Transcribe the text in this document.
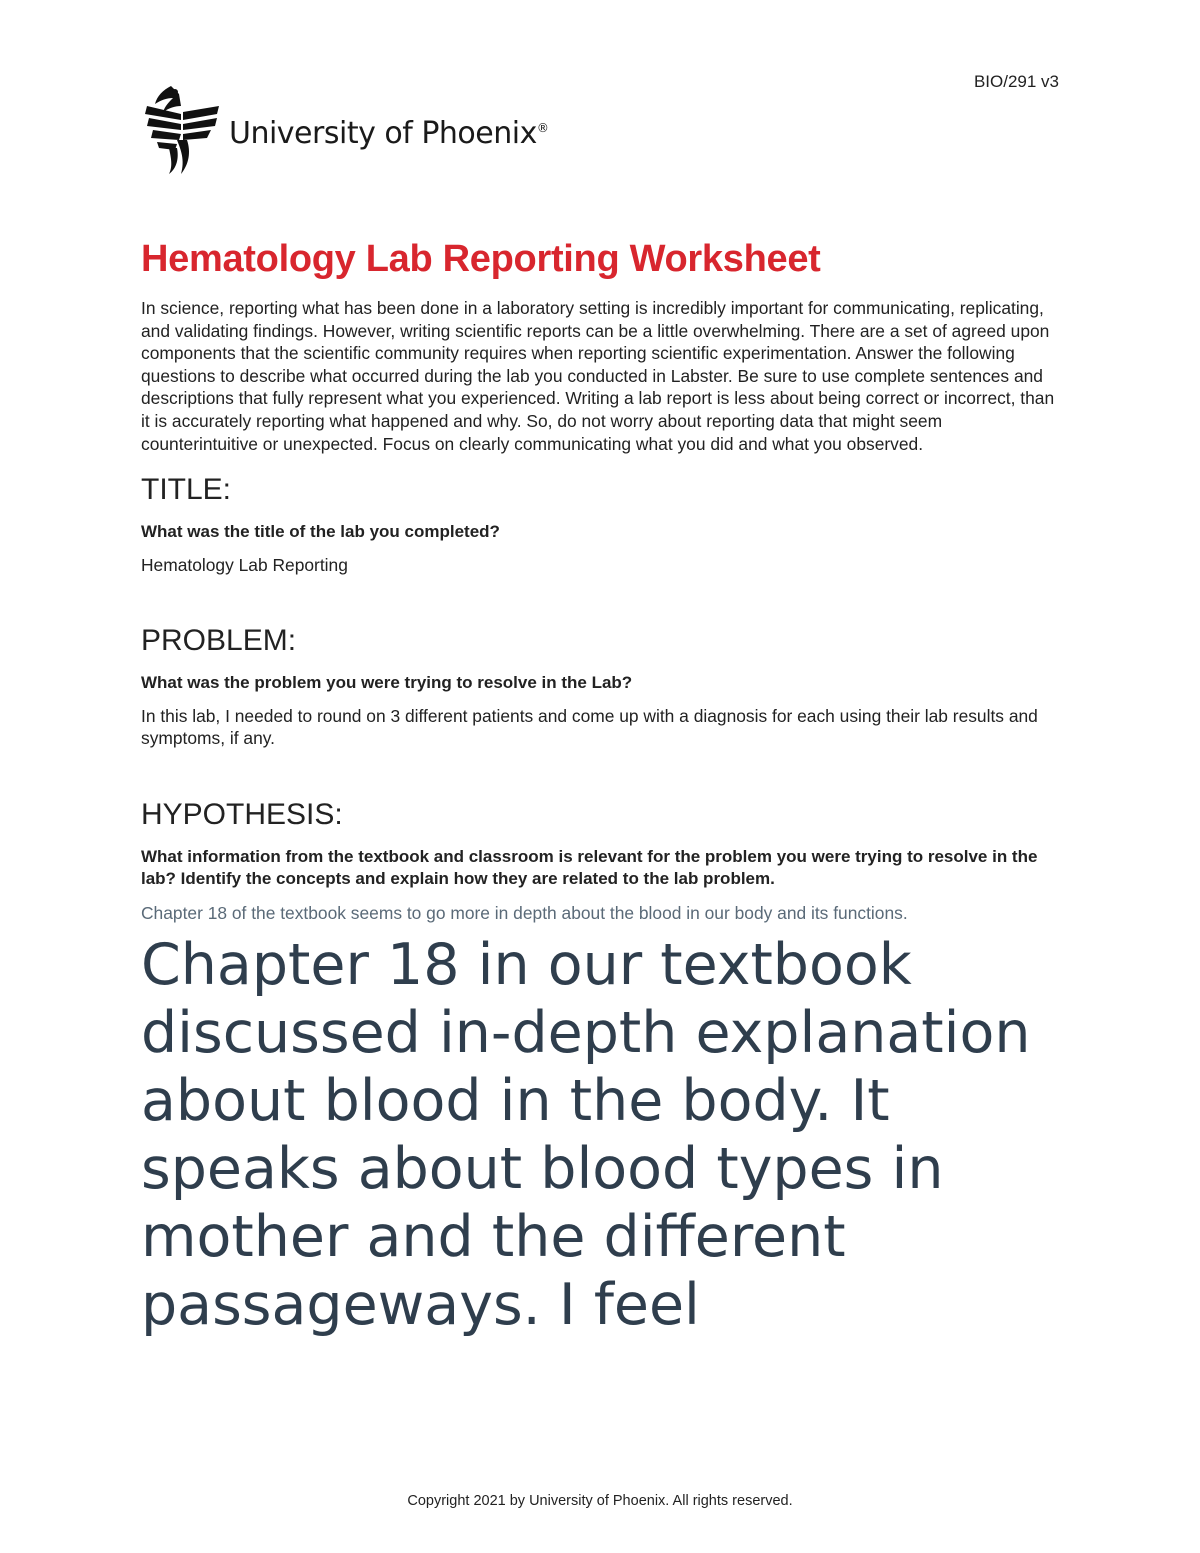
BIO/291 v3
University of Phoenix®
Hematology Lab Reporting Worksheet

In science, reporting what has been done in a laboratory setting is incredibly important for communicating, replicating, and validating findings. However, writing scientific reports can be a little overwhelming. There are a set of agreed upon components that the scientific community requires when reporting scientific experimentation. Answer the following questions to describe what occurred during the lab you conducted in Labster. Be sure to use complete sentences and descriptions that fully represent what you experienced. Writing a lab report is less about being correct or incorrect, than it is accurately reporting what happened and why. So, do not worry about reporting data that might seem counterintuitive or unexpected. Focus on clearly communicating what you did and what you observed.

TITLE:

What was the title of the lab you completed?

Hematology Lab Reporting

PROBLEM:

What was the problem you were trying to resolve in the Lab?

In this lab, I needed to round on 3 different patients and come up with a diagnosis for each using their lab results and symptoms, if any.

HYPOTHESIS:

What information from the textbook and classroom is relevant for the problem you were trying to resolve in the lab? Identify the concepts and explain how they are related to the lab problem.

Chapter 18 of the textbook seems to go more in depth about the blood in our body and its functions.

Chapter 18 in our textbook discussed in-depth explanation about blood in the body. It speaks about blood types in mother and the different passageways. I feel

Copyright 2021 by University of Phoenix. All rights reserved.
